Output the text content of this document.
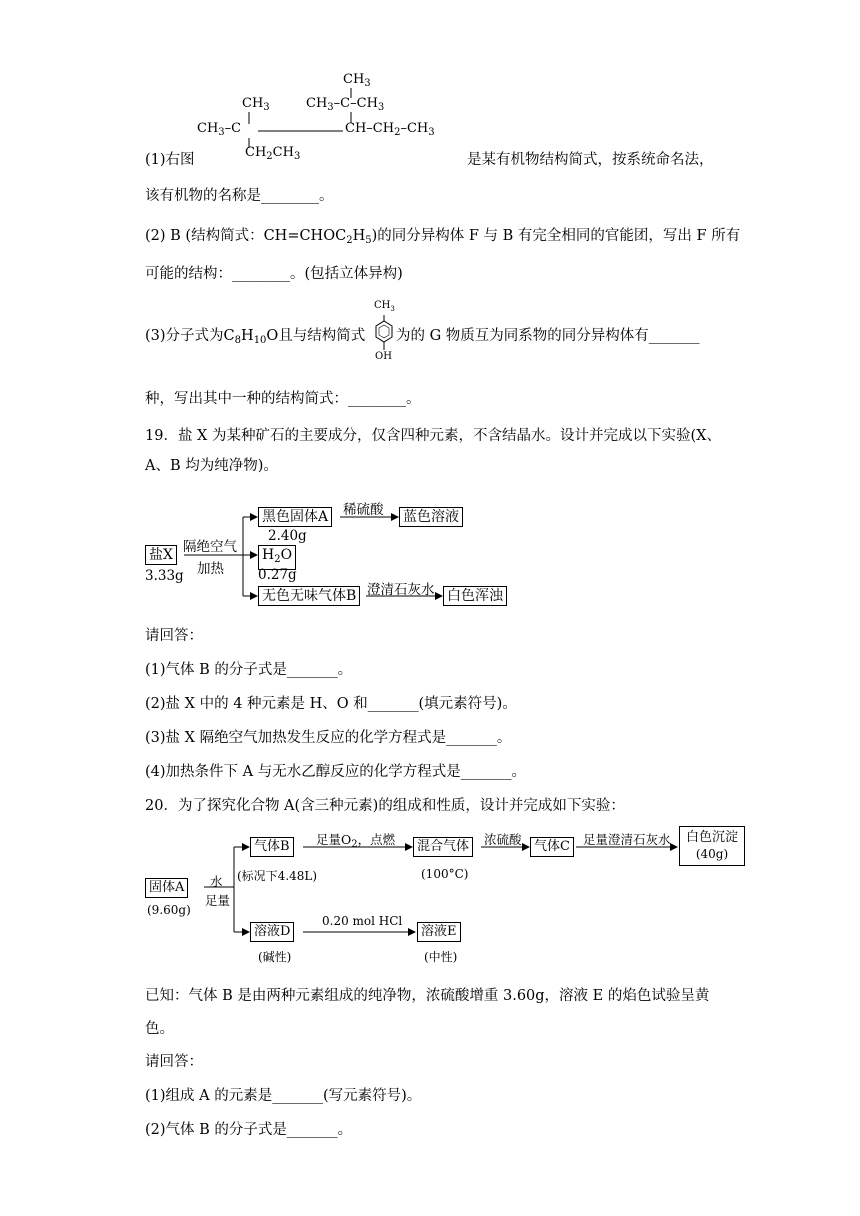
$CH_3$
$CH_3-C-CH_3$
$CH_3$
$CH_3-C$	$CH-CH_2-CH_3$
$CH_2CH_3$
(1)右图	是某有机物结构简式，按系统命名法，
该有机物的名称是________。
(2) B (结构简式：$CH=CHOC_2H_5$)的同分异构体 F 与 B 有完全相同的官能团，写出 F 所有
可能的结构：________。(包括立体异构)
$CH_3$
OH
(3)分子式为$C_8H_{10}O$且与结构简式 为的 G 物质互为同系物的同分异构体有_______
种，写出其中一种的结构简式：________。
19．盐 X 为某种矿石的主要成分，仅含四种元素，不含结晶水。设计并完成以下实验(X、
A、B 均为纯净物)。
盐X
3.33g
隔绝空气
加热
黑色固体A
2.40g
稀硫酸 蓝色溶液
$H_2O$
0.27g
无色无味气体B 澄清石灰水 白色浑浊
请回答：
(1)气体 B 的分子式是_______。
(2)盐 X 中的 4 种元素是 H、O 和_______(填元素符号)。
(3)盐 X 隔绝空气加热发生反应的化学方程式是_______。
(4)加热条件下 A 与无水乙醇反应的化学方程式是_______。
20．为了探究化合物 A(含三种元素)的组成和性质，设计并完成如下实验：
固体A
(9.60g)
水
足量
气体B
(标况下4.48L)
足量$O_2$，点燃	混合气体
(100°C)
浓硫酸 气体C	足量澄清石灰水 白色沉淀
(40g)
溶液D
(碱性)
0.20 mol HCl
溶液E
(中性)
已知：气体 B 是由两种元素组成的纯净物，浓硫酸增重 3.60g，溶液 E 的焰色试验呈黄
色。
请回答：
(1)组成 A 的元素是_______(写元素符号)。
(2)气体 B 的分子式是_______。
